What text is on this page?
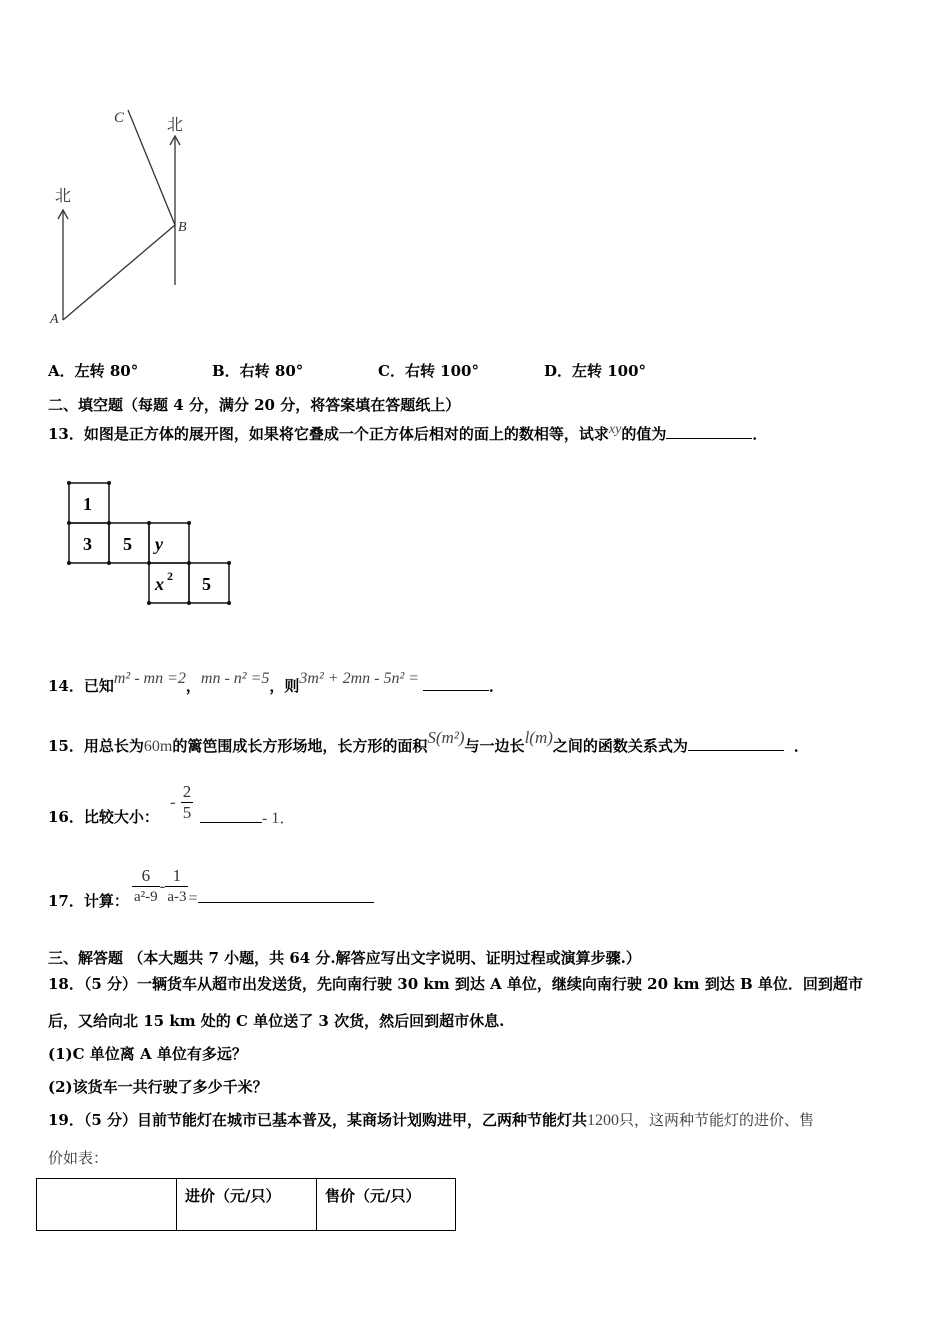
C
B
A
北
北
A．左转 80°	B．右转 80°	C．右转 100°	D．左转 100°
二、填空题（每题 4 分，满分 20 分，将答案填在答题纸上）
13．如图是正方体的展开图，如果将它叠成一个正方体后相对的面上的数相等，试求$^{xy}$的值为	．
1
3 5 y
x 2 5
14．已知m² - mn =2，mn - n² =5，则3m² + 2mn - 5n² =	．
15．用总长为60m的篱笆围成长方形场地，长方形的面积S(m²)与一边长l(m)之间的函数关系式为	．
16．比较大小：
- $\frac{2}{5}$	- 1．
17．计算： $\frac{6}{\text{a²-9}} - \frac{1}{a-3}$ =
三、解答题 （本大题共 7 小题，共 64 分.解答应写出文字说明、证明过程或演算步骤.）
18．（5 分）一辆货车从超市出发送货，先向南行驶 30 km 到达 A 单位，继续向南行驶 20 km 到达 B 单位．回到超市
后，又给向北 15 km 处的 C 单位送了 3 次货，然后回到超市休息.
(1)C 单位离 A 单位有多远？
(2)该货车一共行驶了多少千米？
19．（5 分）目前节能灯在城市已基本普及，某商场计划购进甲，乙两种节能灯共1200只，这两种节能灯的进价、售
价如表：
	进价（元/只）	售价（元/只）
